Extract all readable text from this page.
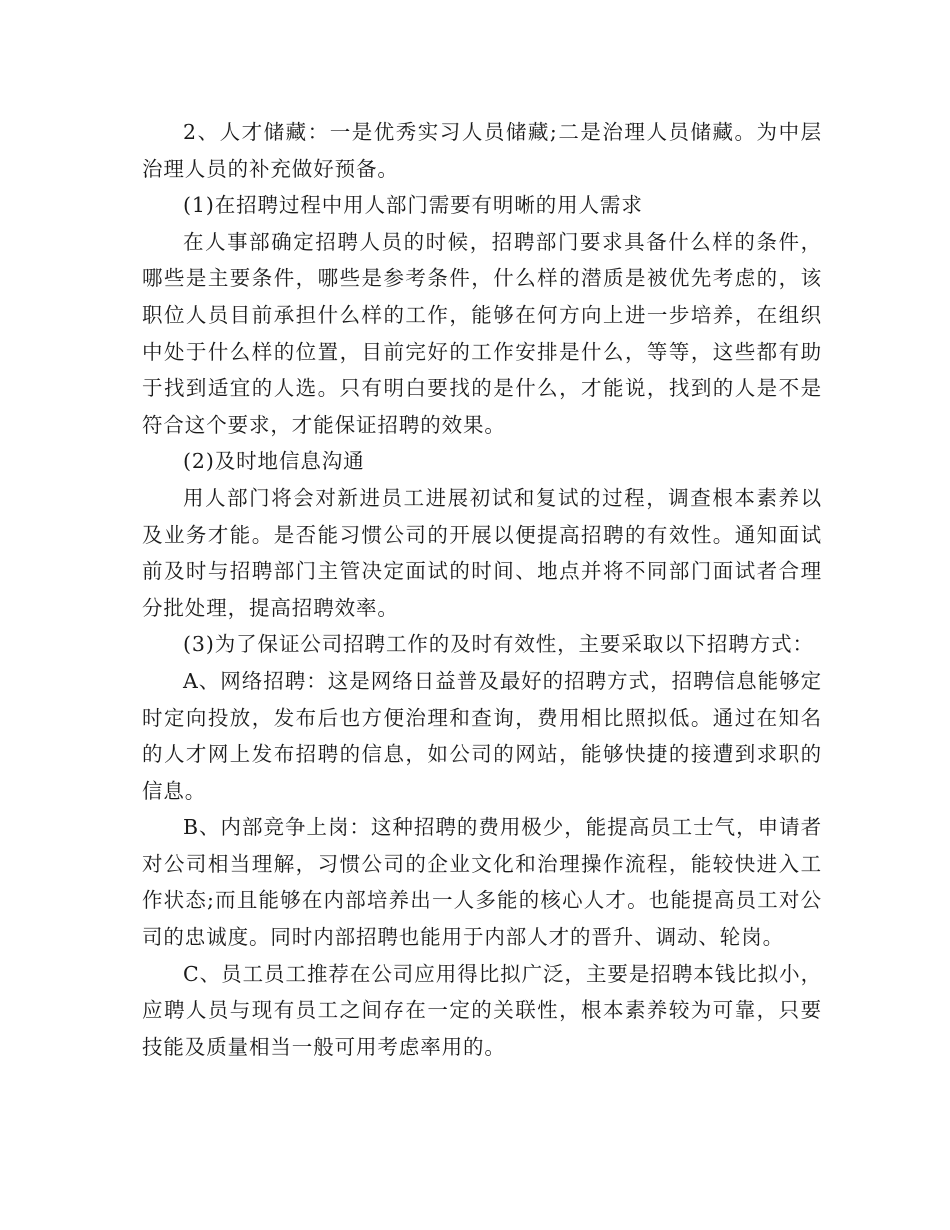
2、人才储藏：一是优秀实习人员储藏;二是治理人员储藏。为中层治理人员的补充做好预备。

(1)在招聘过程中用人部门需要有明晰的用人需求

在人事部确定招聘人员的时候，招聘部门要求具备什么样的条件，哪些是主要条件，哪些是参考条件，什么样的潜质是被优先考虑的，该职位人员目前承担什么样的工作，能够在何方向上进一步培养，在组织中处于什么样的位置，目前完好的工作安排是什么，等等，这些都有助于找到适宜的人选。只有明白要找的是什么，才能说，找到的人是不是符合这个要求，才能保证招聘的效果。

(2)及时地信息沟通

用人部门将会对新进员工进展初试和复试的过程，调查根本素养以及业务才能。是否能习惯公司的开展以便提高招聘的有效性。通知面试前及时与招聘部门主管决定面试的时间、地点并将不同部门面试者合理分批处理，提高招聘效率。

(3)为了保证公司招聘工作的及时有效性，主要采取以下招聘方式：

A、网络招聘：这是网络日益普及最好的招聘方式，招聘信息能够定时定向投放，发布后也方便治理和查询，费用相比照拟低。通过在知名的人才网上发布招聘的信息，如公司的网站，能够快捷的接遭到求职的信息。

B、内部竞争上岗：这种招聘的费用极少，能提高员工士气，申请者对公司相当理解，习惯公司的企业文化和治理操作流程，能较快进入工作状态;而且能够在内部培养出一人多能的核心人才。也能提高员工对公司的忠诚度。同时内部招聘也能用于内部人才的晋升、调动、轮岗。

C、员工员工推荐在公司应用得比拟广泛，主要是招聘本钱比拟小，应聘人员与现有员工之间存在一定的关联性，根本素养较为可靠，只要技能及质量相当一般可用考虑率用的。
